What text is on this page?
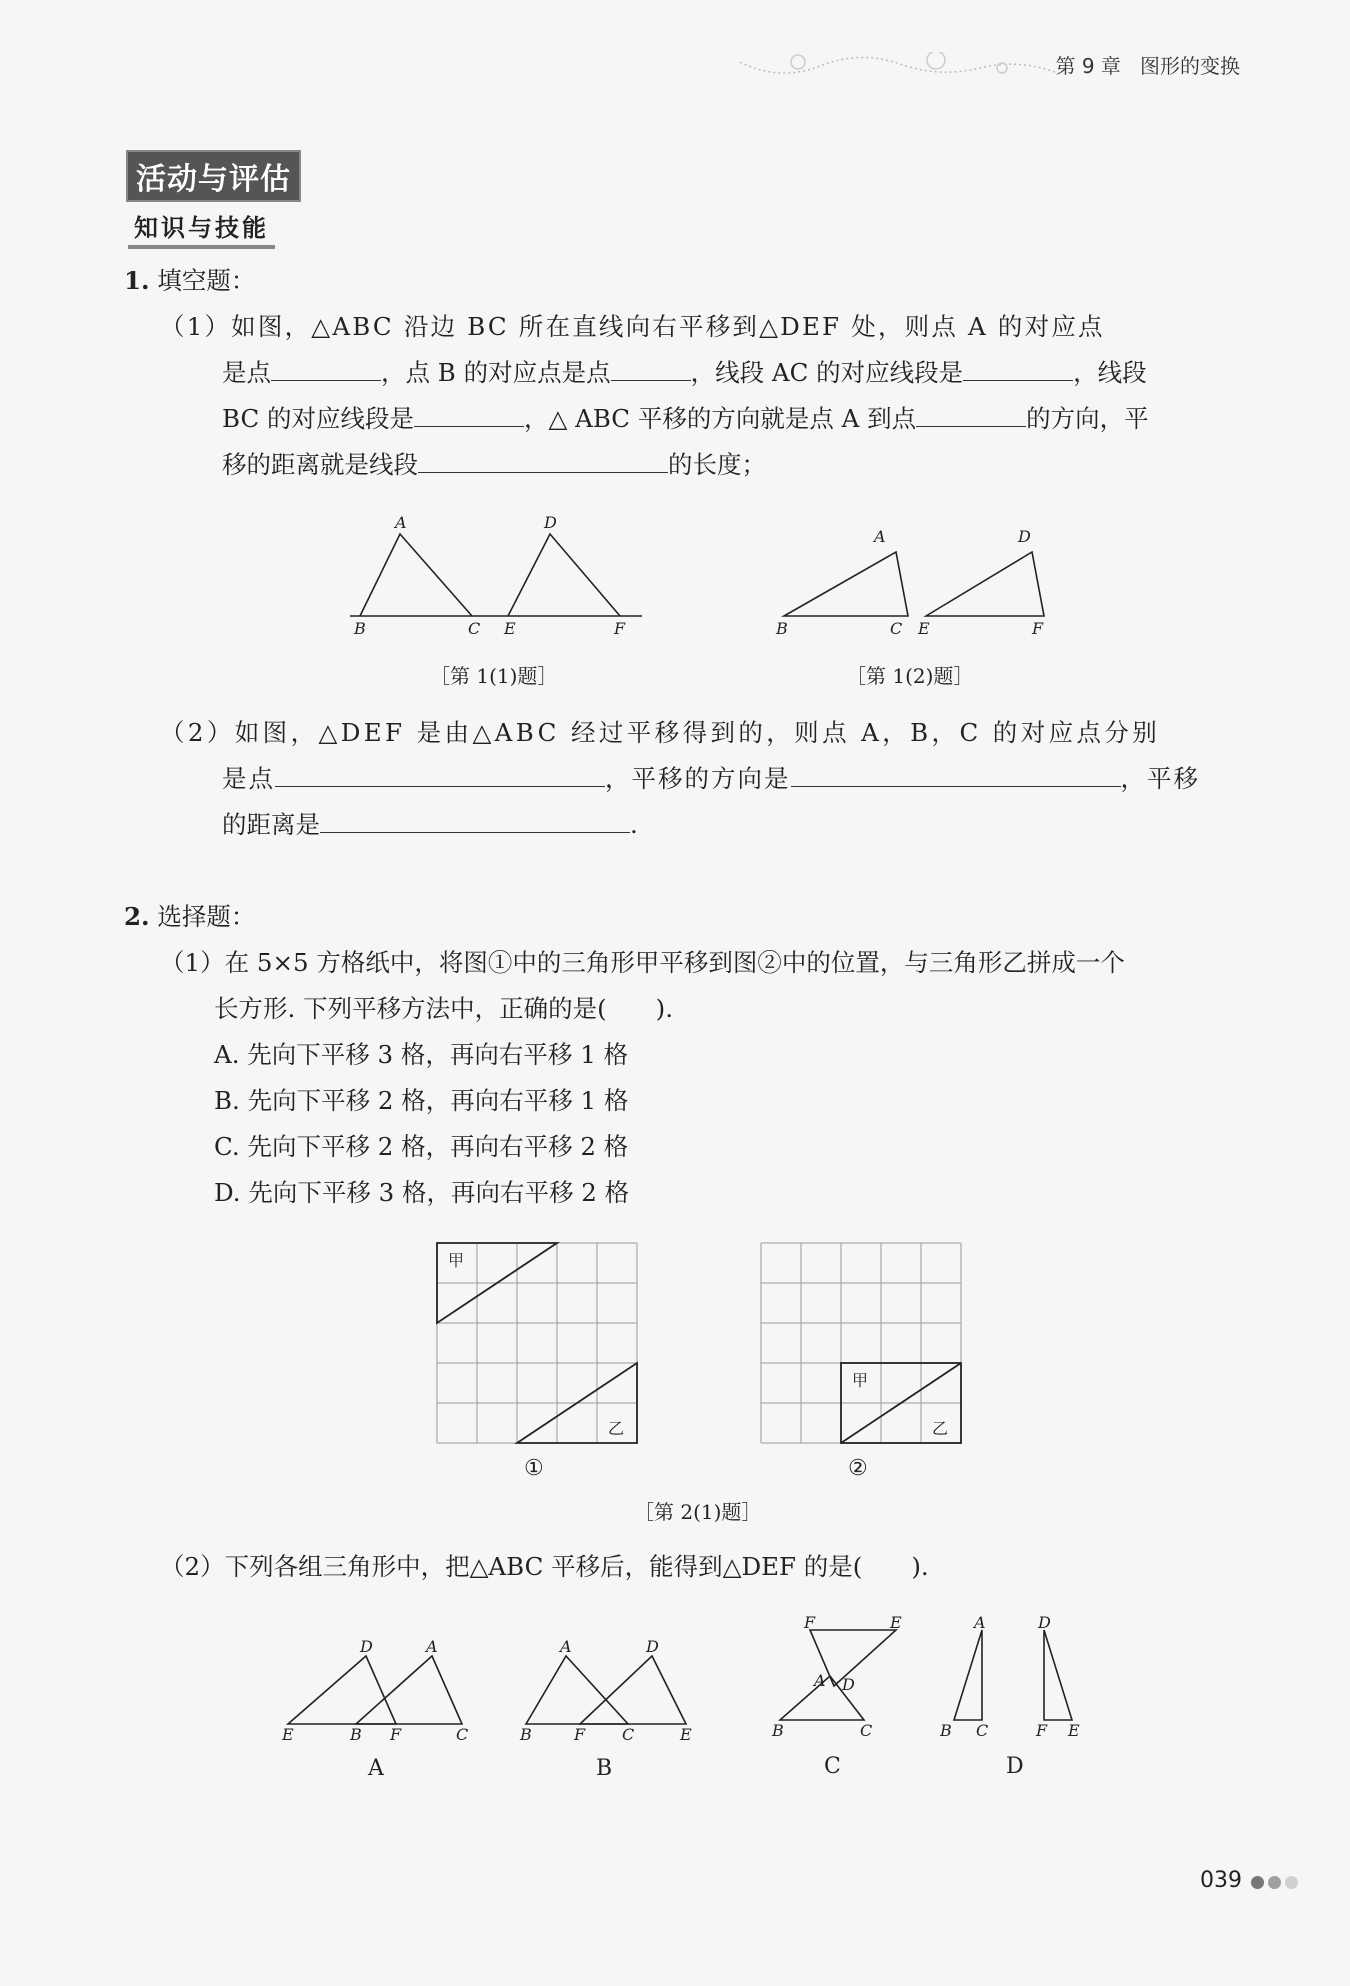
第 9 章 图形的变换
活动与评估
知识与技能
1. 填空题：
（1）如图，△ABC 沿边 BC 所在直线向右平移到△DEF 处，则点 A 的对应点
是点	，点 B 的对应点是点	，线段 AC 的对应线段是	，线段
BC 的对应线段是	，△ ABC 平移的方向就是点 A 到点	的方向，平
移的距离就是线段	的长度；
A	D
B	C E	F
［第 1(1)题］
A	D
B	C E	F
［第 1(2)题］
（2）如图，△DEF 是由△ABC 经过平移得到的，则点 A，B，C 的对应点分别
是点	，平移的方向是	，平移
的距离是	.
2. 选择题：
（1）在 5×5 方格纸中，将图①中的三角形甲平移到图②中的位置，与三角形乙拼成一个
长方形. 下列平移方法中，正确的是(　　).
A. 先向下平移 3 格，再向右平移 1 格
B. 先向下平移 2 格，再向右平移 1 格
C. 先向下平移 2 格，再向右平移 2 格
D. 先向下平移 3 格，再向右平移 2 格
甲
乙
①
甲
乙
②
［第 2(1)题］
（2）下列各组三角形中，把△ABC 平移后，能得到△DEF 的是(　　).
D	A
E	B F	C
A
A	D
B	F C	E
B
F	E
A D
B	C
C
A	D
B C	F E
D
039
